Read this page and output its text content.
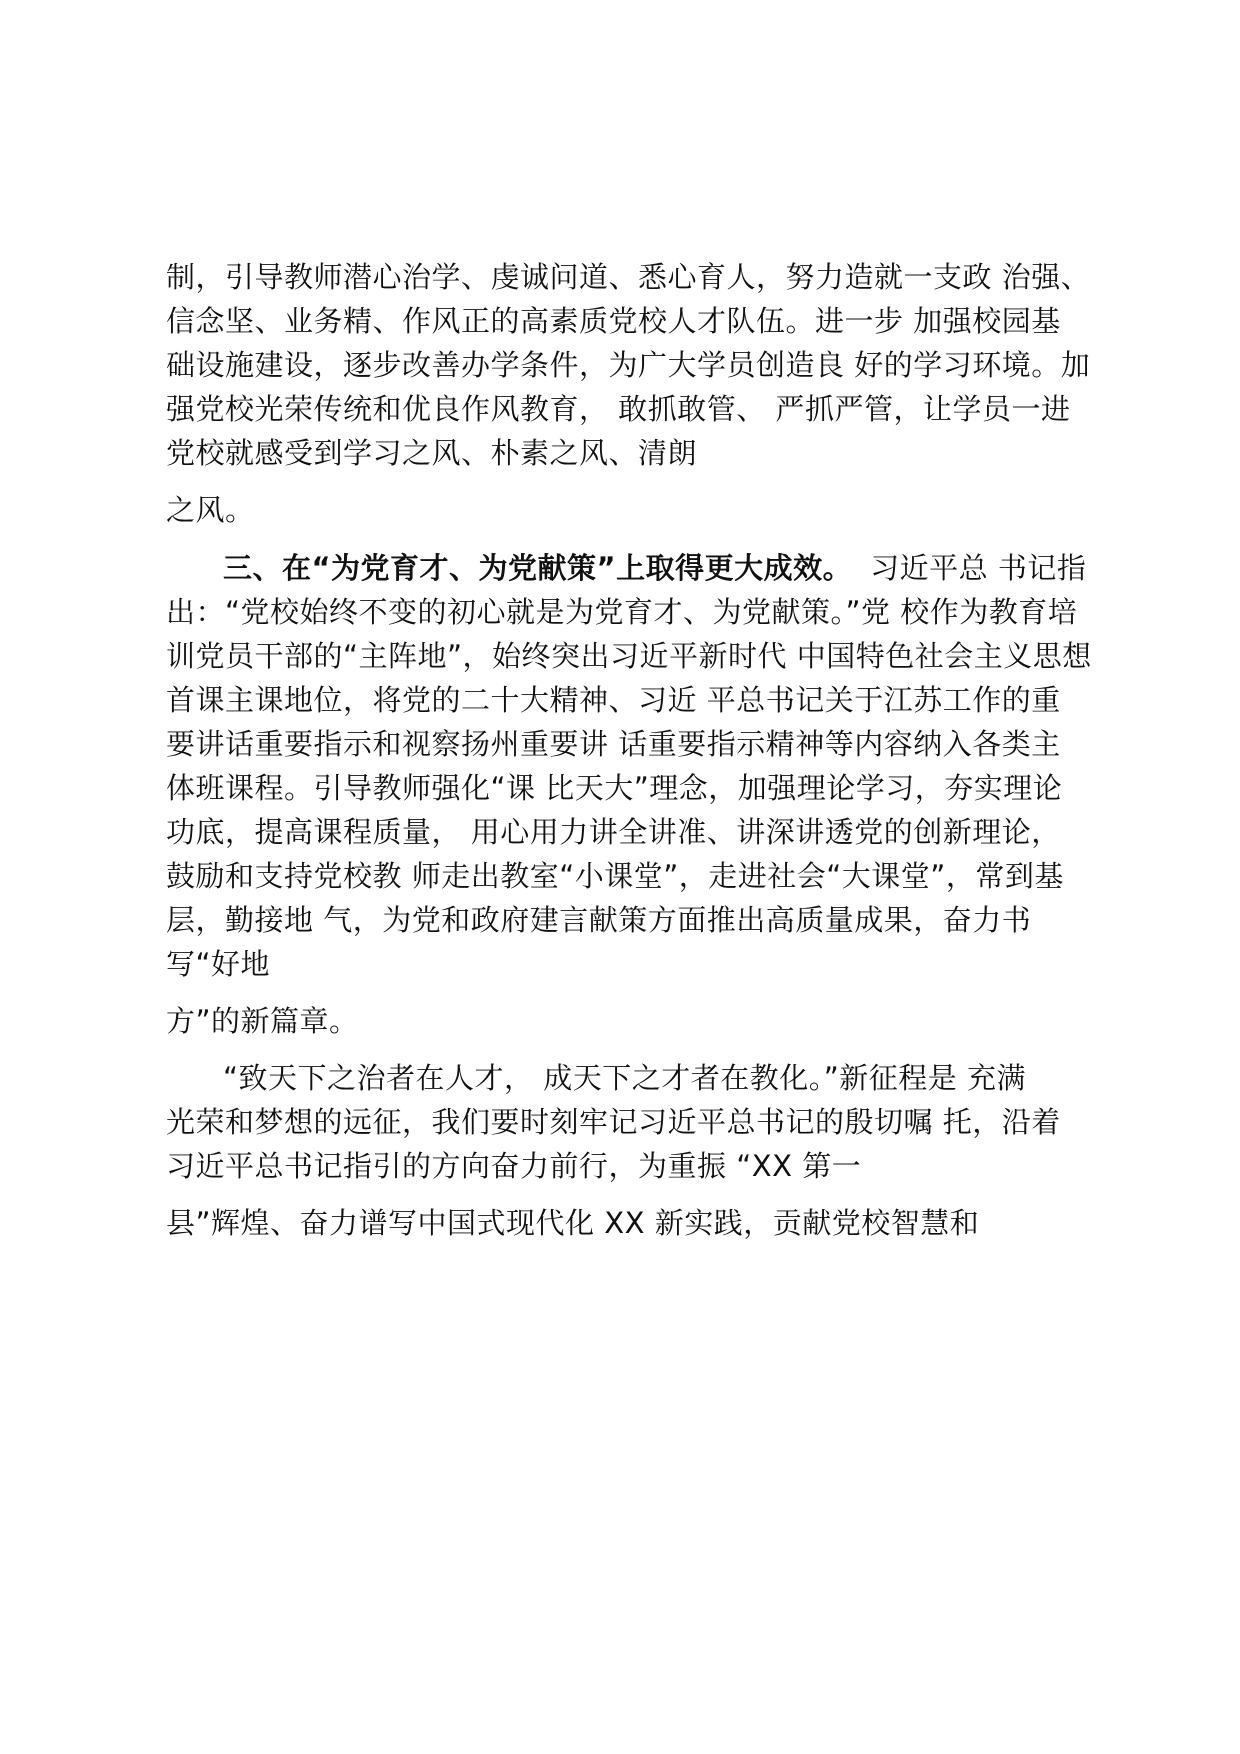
制，引导教师潜心治学、虔诚问道、悉心育人，努力造就一支政 治强、
信念坚、业务精、作风正的高素质党校人才队伍。进一步 加强校园基
础设施建设，逐步改善办学条件，为广大学员创造良 好的学习环境。加
强党校光荣传统和优良作风教育， 敢抓敢管、 严抓严管，让学员一进
党校就感受到学习之风、朴素之风、清朗
之风。
三、在“为党育才、为党献策”上取得更大成效。 习近平总 书记指
出：“党校始终不变的初心就是为党育才、为党献策。”党 校作为教育培
训党员干部的“主阵地”，始终突出习近平新时代 中国特色社会主义思想
首课主课地位，将党的二十大精神、习近 平总书记关于江苏工作的重
要讲话重要指示和视察扬州重要讲 话重要指示精神等内容纳入各类主
体班课程。引导教师强化“课 比天大”理念，加强理论学习，夯实理论
功底，提高课程质量， 用心用力讲全讲准、讲深讲透党的创新理论，
鼓励和支持党校教 师走出教室“小课堂”，走进社会“大课堂”，常到基
层，勤接地 气，为党和政府建言献策方面推出高质量成果，奋力书
写“好地
方”的新篇章。
“致天下之治者在人才， 成天下之才者在教化。”新征程是 充满
光荣和梦想的远征，我们要时刻牢记习近平总书记的殷切嘱 托，沿着
习近平总书记指引的方向奋力前行，为重振 “XX 第一
县”辉煌、奋力谱写中国式现代化 XX 新实践，贡献党校智慧和
